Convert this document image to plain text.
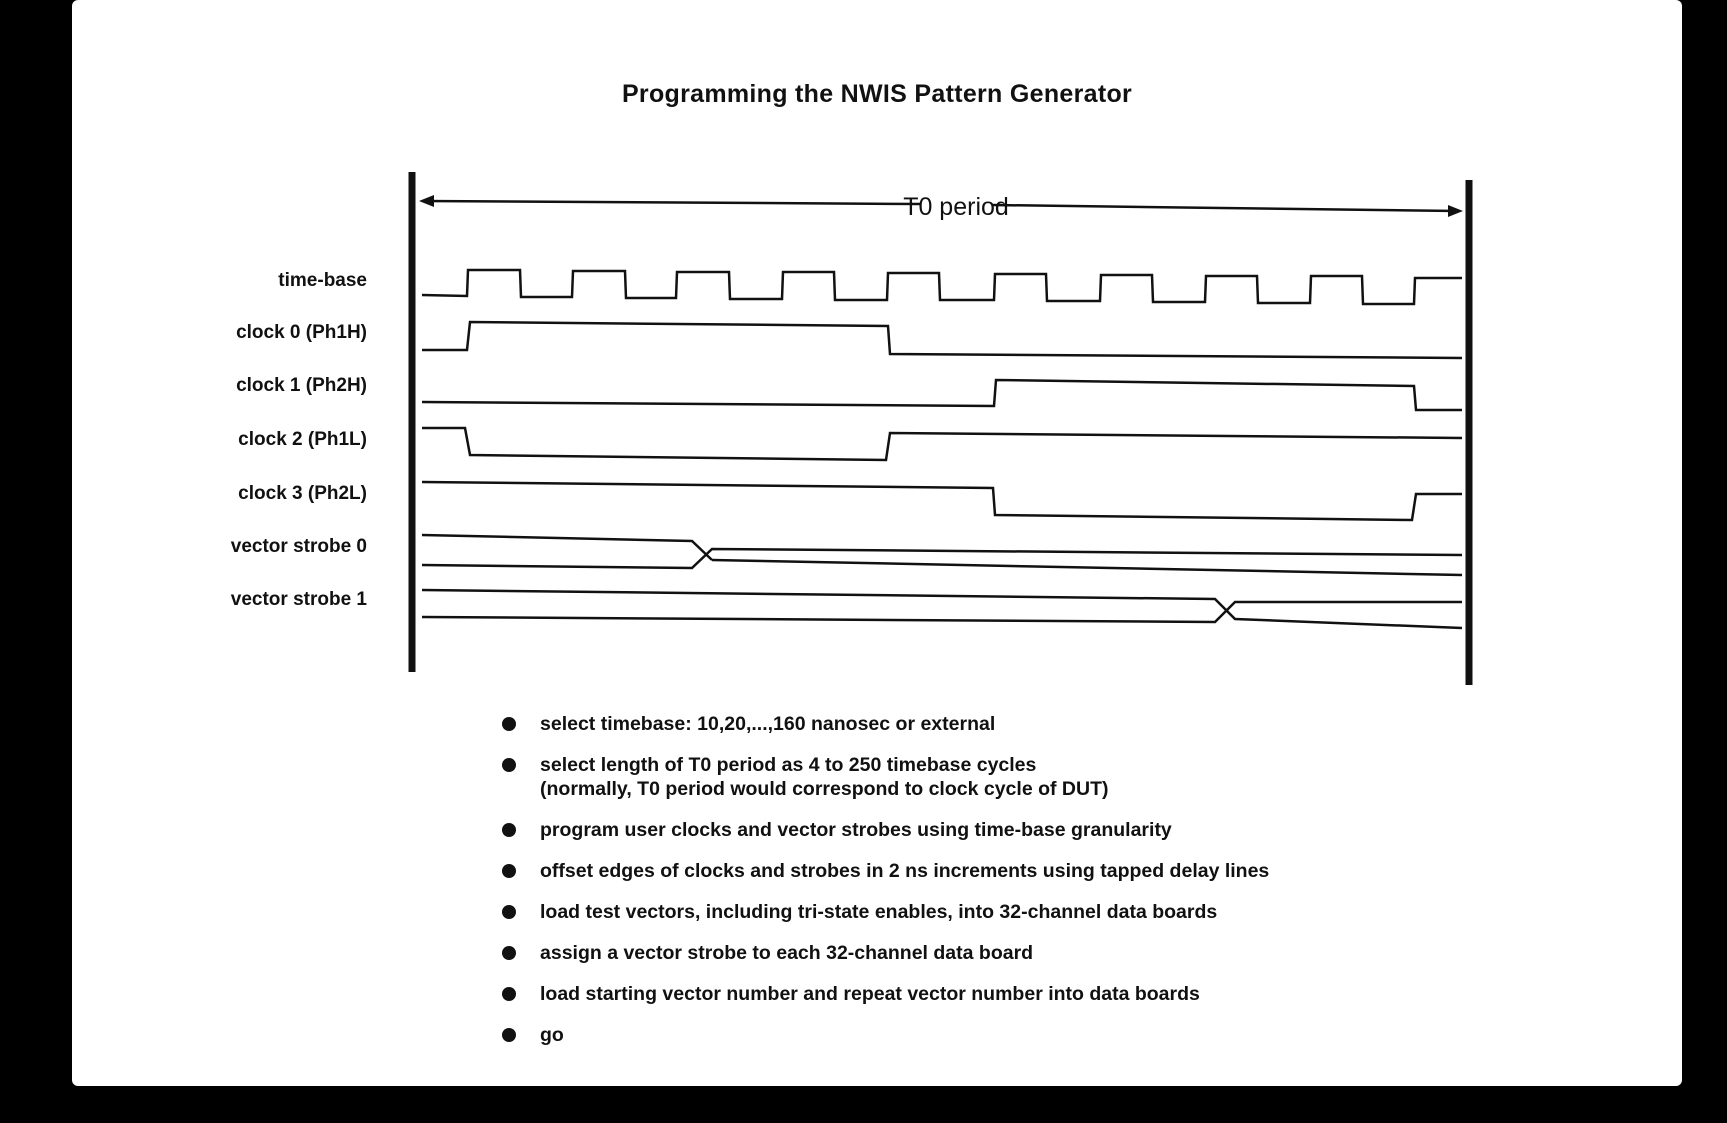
Programming the NWIS Pattern Generator
T0 period
time-base
clock 0 (Ph1H)
clock 1 (Ph2H)
clock 2 (Ph1L)
clock 3 (Ph2L)
vector strobe 0
vector strobe 1
select timebase: 10,20,...,160 nanosec or external
select length of T0 period as 4 to 250 timebase cycles
(normally, T0 period would correspond to clock cycle of DUT)
program user clocks and vector strobes using time-base granularity
offset edges of clocks and strobes in 2 ns increments using tapped delay lines
load test vectors, including tri-state enables, into 32-channel data boards
assign a vector strobe to each 32-channel data board
load starting vector number and repeat vector number into data boards
go
